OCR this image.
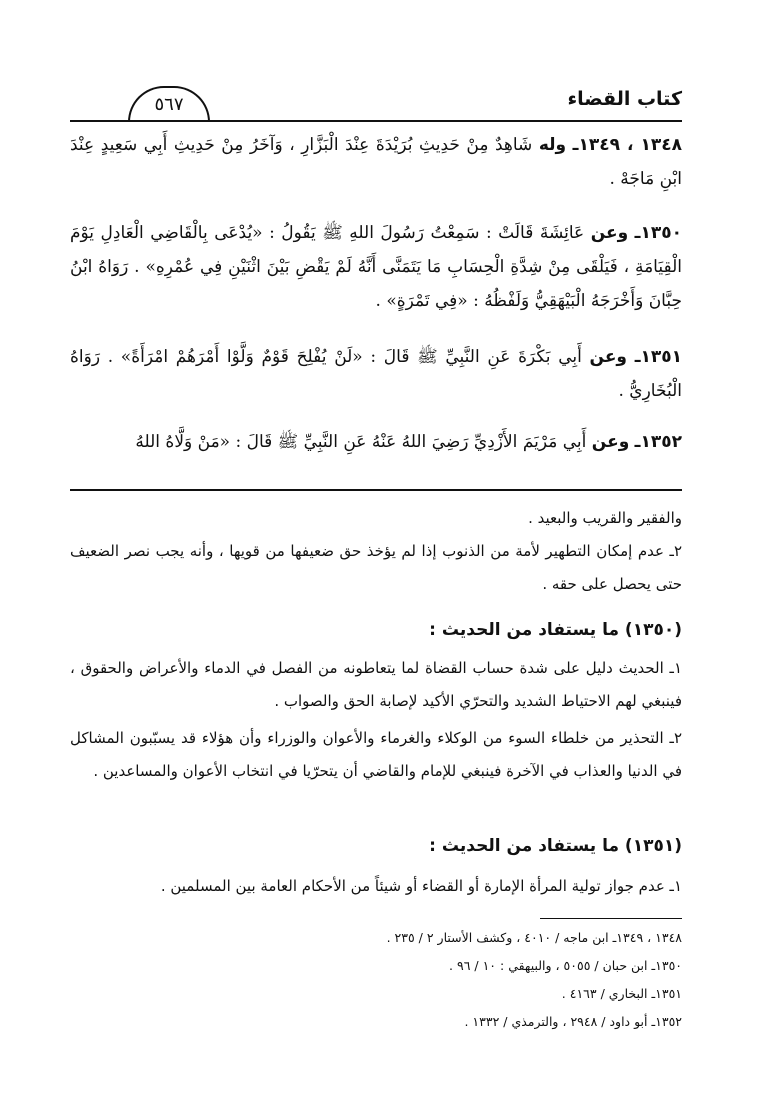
كتاب القضاء
٥٦٧
١٣٤٨ ، ١٣٤٩ـ وله شَاهِدٌ مِنْ حَدِيثِ بُرَيْدَةَ عِنْدَ الْبَزَّارِ ، وَآخَرُ مِنْ حَدِيثِ أَبِي سَعِيدٍ عِنْدَ ابْنِ مَاجَهْ .
١٣٥٠ـ وعن عَائِشَةَ قَالَتْ : سَمِعْتُ رَسُولَ اللهِ ﷺ يَقُولُ : «يُدْعَى بِالْقَاضِي الْعَادِلِ يَوْمَ الْقِيَامَةِ ، فَيَلْقَى مِنْ شِدَّةِ الْحِسَابِ مَا يَتَمَنَّى أَنَّهُ لَمْ يَقْضِ بَيْنَ اثْنَيْنِ فِي عُمْرِهِ» . رَوَاهُ ابْنُ حِبَّانَ وَأَخْرَجَهُ الْبَيْهَقِيُّ وَلَفْظُهُ : «فِي تَمْرَةٍ» .
١٣٥١ـ وعن أَبِي بَكْرَةَ عَنِ النَّبِيِّ ﷺ قَالَ : «لَنْ يُفْلِحَ قَوْمٌ وَلَّوْا أَمْرَهُمْ امْرَأَةً» . رَوَاهُ الْبُخَارِيُّ .
١٣٥٢ـ وعن أَبِي مَرْيَمَ الأَزْدِيِّ رَضِيَ اللهُ عَنْهُ عَنِ النَّبِيِّ ﷺ قَالَ : «مَنْ وَلَّاهُ اللهُ
والفقير والقريب والبعيد .
٢ـ عدم إمكان التطهير لأمة من الذنوب إذا لم يؤخذ حق ضعيفها من قويها ، وأنه يجب نصر الضعيف حتى يحصل على حقه .
(١٣٥٠) ما يستفاد من الحديث :
١ـ الحديث دليل على شدة حساب القضاة لما يتعاطونه من الفصل في الدماء والأعراض والحقوق ، فينبغي لهم الاحتياط الشديد والتحرّي الأكيد لإصابة الحق والصواب .
٢ـ التحذير من خلطاء السوء من الوكلاء والغرماء والأعوان والوزراء وأن هؤلاء قد يسبّبون المشاكل في الدنيا والعذاب في الآخرة فينبغي للإمام والقاضي أن يتحرّيا في انتخاب الأعوان والمساعدين .
(١٣٥١) ما يستفاد من الحديث :
١ـ عدم جواز تولية المرأة الإمارة أو القضاء أو شيئاً من الأحكام العامة بين المسلمين .
١٣٤٨ ، ١٣٤٩ـ ابن ماجه / ٤٠١٠ ، وكشف الأستار ٢ / ٢٣٥ .
١٣٥٠ـ ابن حبان / ٥٠٥٥ ، والبيهقي : ١٠ / ٩٦ .
١٣٥١ـ البخاري / ٤١٦٣ .
١٣٥٢ـ أبو داود / ٢٩٤٨ ، والترمذي / ١٣٣٢ .
